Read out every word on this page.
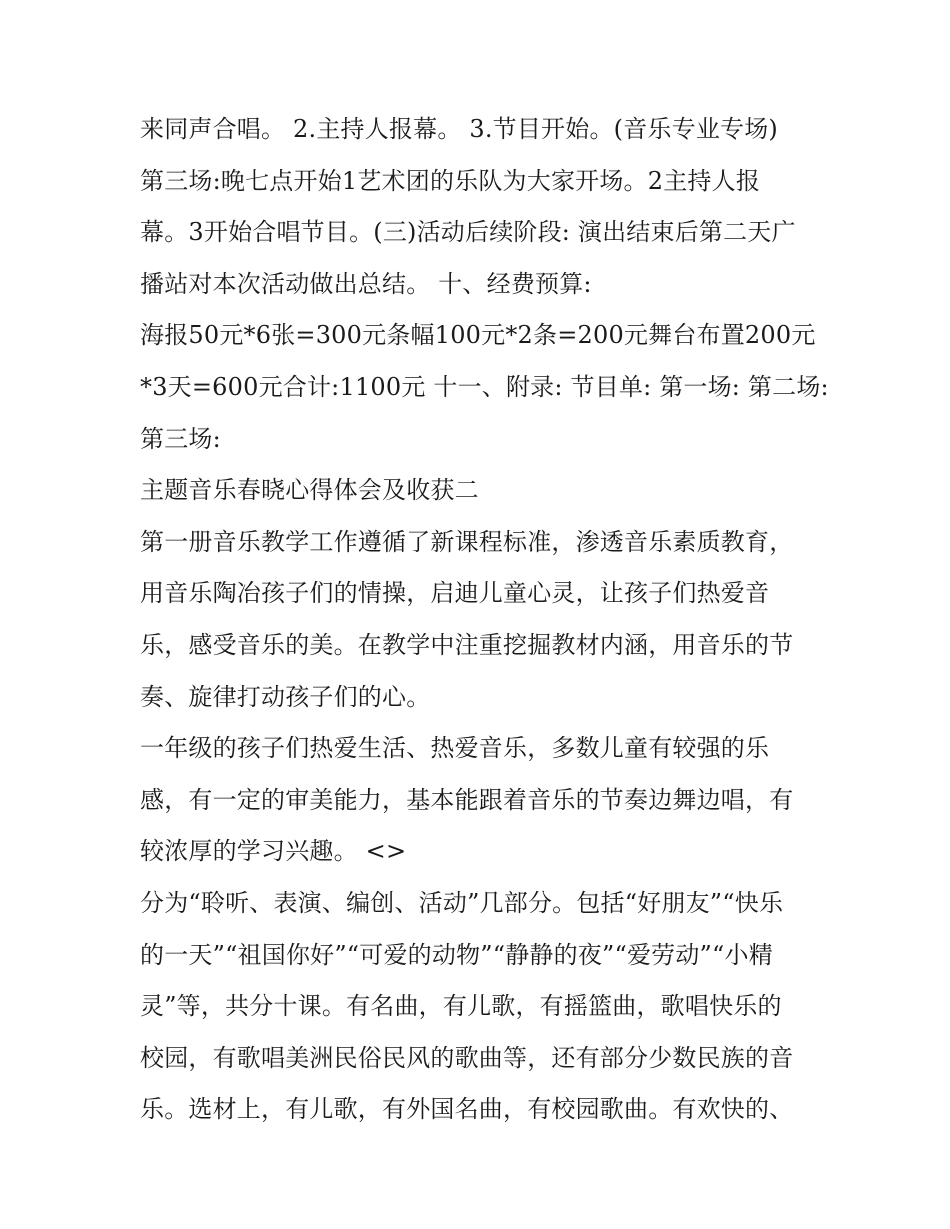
来同声合唱。 2.主持人报幕。 3.节目开始。(音乐专业专场)
第三场:晚七点开始1艺术团的乐队为大家开场。2主持人报
幕。3开始合唱节目。(三)活动后续阶段: 演出结束后第二天广
播站对本次活动做出总结。 十、经费预算:
海报50元*6张=300元条幅100元*2条=200元舞台布置200元
*3天=600元合计:1100元 十一、附录: 节目单: 第一场: 第二场:
第三场:
主题音乐春晓心得体会及收获二
第一册音乐教学工作遵循了新课程标准，渗透音乐素质教育，
用音乐陶冶孩子们的情操，启迪儿童心灵，让孩子们热爱音
乐，感受音乐的美。在教学中注重挖掘教材内涵，用音乐的节
奏、旋律打动孩子们的心。
一年级的孩子们热爱生活、热爱音乐，多数儿童有较强的乐
感，有一定的审美能力，基本能跟着音乐的节奏边舞边唱，有
较浓厚的学习兴趣。 <>
分为“聆听、表演、编创、活动”几部分。包括“好朋友”“快乐
的一天”“祖国你好”“可爱的动物”“静静的夜”“爱劳动”“小精
灵”等，共分十课。有名曲，有儿歌，有摇篮曲，歌唱快乐的
校园，有歌唱美洲民俗民风的歌曲等，还有部分少数民族的音
乐。选材上，有儿歌，有外国名曲，有校园歌曲。有欢快的、
